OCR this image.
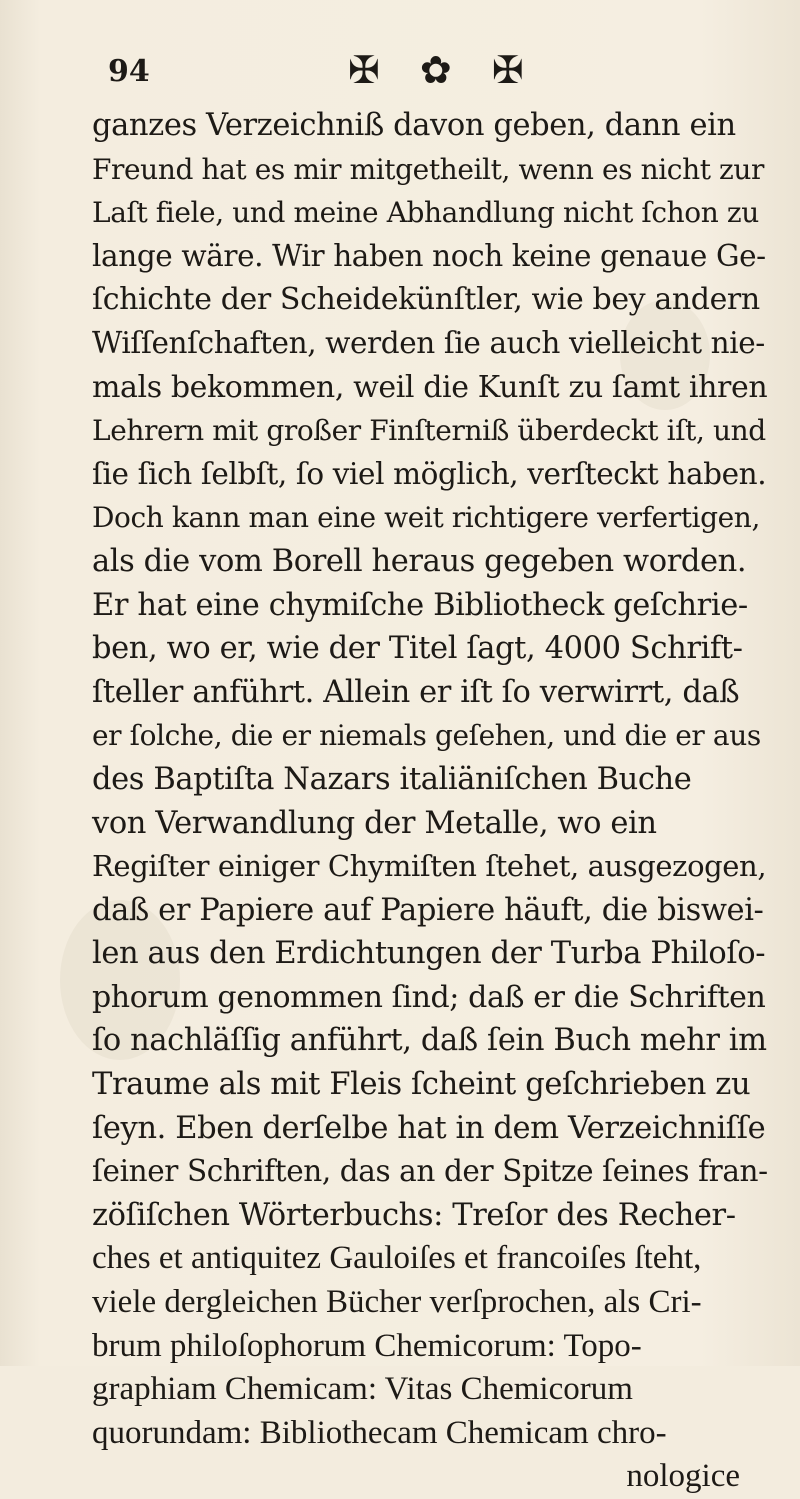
94	✠ ✿ ✠
ganzes Verzeichniß davon geben, dann ein
Freund hat es mir mitgetheilt, wenn es nicht zur
Laſt fiele, und meine Abhandlung nicht ſchon zu
lange wäre. Wir haben noch keine genaue Ge-
ſchichte der Scheidekünſtler, wie bey andern
Wiſſenſchaften, werden ſie auch vielleicht nie-
mals bekommen, weil die Kunſt zu ſamt ihren
Lehrern mit großer Finſterniß überdeckt iſt, und
ſie ſich ſelbſt, ſo viel möglich, verſteckt haben.
Doch kann man eine weit richtigere verfertigen,
als die vom Borell heraus gegeben worden.
Er hat eine chymiſche Bibliotheck geſchrie-
ben, wo er, wie der Titel ſagt, 4000 Schrift-
ſteller anführt. Allein er iſt ſo verwirrt, daß
er ſolche, die er niemals geſehen, und die er aus
des Baptiſta Nazars italiäniſchen Buche
von Verwandlung der Metalle, wo ein
Regiſter einiger Chymiſten ſtehet, ausgezogen,
daß er Papiere auf Papiere häuft, die biswei-
len aus den Erdichtungen der Turba Philoſo-
phorum genommen ſind; daß er die Schriften
ſo nachläſſig anführt, daß ſein Buch mehr im
Traume als mit Fleis ſcheint geſchrieben zu
ſeyn. Eben derſelbe hat in dem Verzeichniſſe
ſeiner Schriften, das an der Spitze ſeines fran-
zöſiſchen Wörterbuchs: Treſor des Recher-
ches et antiquitez Gauloiſes et francoiſes ſteht,
viele dergleichen Bücher verſprochen, als Cri-
brum philoſophorum Chemicorum: Topo-
graphiam Chemicam: Vitas Chemicorum
quorundam: Bibliothecam Chemicam chro-
nologice
